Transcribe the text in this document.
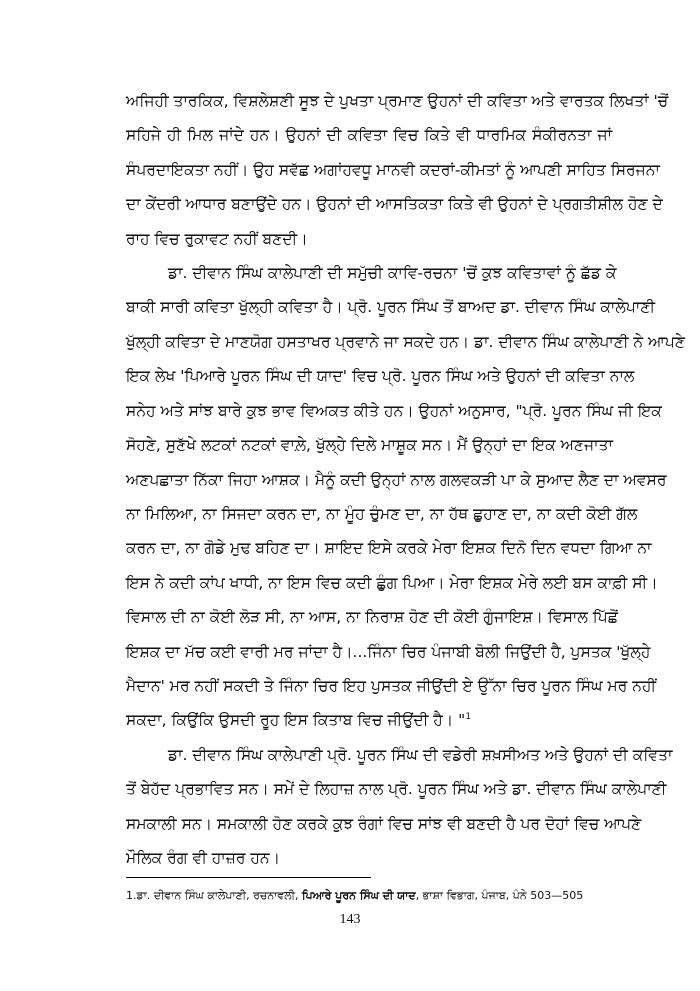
ਅਜਿਹੀ ਤਾਰਕਿਕ, ਵਿਸ਼ਲੇਸ਼ਣੀ ਸੂਝ ਦੇ ਪੁਖਤਾ ਪ੍ਰਮਾਣ ਉਹਨਾਂ ਦੀ ਕਵਿਤਾ ਅਤੇ ਵਾਰਤਕ ਲਿਖਤਾਂ 'ਚੋਂ
ਸਹਿਜੇ ਹੀ ਮਿਲ ਜਾਂਦੇ ਹਨ। ਉਹਨਾਂ ਦੀ ਕਵਿਤਾ ਵਿਚ ਕਿਤੇ ਵੀ ਧਾਰਮਿਕ ਸੰਕੀਰਨਤਾ ਜਾਂ
ਸੰਪਰਦਾਇਕਤਾ ਨਹੀਂ। ਉਹ ਸਵੱਛ ਅਗਾਂਹਵਧੂ ਮਾਨਵੀ ਕਦਰਾਂ-ਕੀਮਤਾਂ ਨੂੰ ਆਪਣੀ ਸਾਹਿਤ ਸਿਰਜਨਾ
ਦਾ ਕੇਂਦਰੀ ਆਧਾਰ ਬਣਾਉਂਦੇ ਹਨ। ਉਹਨਾਂ ਦੀ ਆਸਤਿਕਤਾ ਕਿਤੇ ਵੀ ਉਹਨਾਂ ਦੇ ਪ੍ਰਗਤੀਸ਼ੀਲ ਹੋਣ ਦੇ
ਰਾਹ ਵਿਚ ਰੁਕਾਵਟ ਨਹੀਂ ਬਣਦੀ।
ਡਾ. ਦੀਵਾਨ ਸਿੰਘ ਕਾਲੇਪਾਣੀ ਦੀ ਸਮੁੱਚੀ ਕਾਵਿ-ਰਚਨਾ 'ਚੋਂ ਕੁਝ ਕਵਿਤਾਵਾਂ ਨੂੰ ਛੱਡ ਕੇ
ਬਾਕੀ ਸਾਰੀ ਕਵਿਤਾ ਖੁੱਲ੍ਹੀ ਕਵਿਤਾ ਹੈ। ਪ੍ਰੋ. ਪੂਰਨ ਸਿੰਘ ਤੋਂ ਬਾਅਦ ਡਾ. ਦੀਵਾਨ ਸਿੰਘ ਕਾਲੇਪਾਣੀ
ਖੁੱਲ੍ਹੀ ਕਵਿਤਾ ਦੇ ਮਾਣਯੋਗ ਹਸਤਾਖਰ ਪ੍ਰਵਾਨੇ ਜਾ ਸਕਦੇ ਹਨ। ਡਾ. ਦੀਵਾਨ ਸਿੰਘ ਕਾਲੇਪਾਣੀ ਨੇ ਆਪਣੇ
ਇਕ ਲੇਖ 'ਪਿਆਰੇ ਪੂਰਨ ਸਿੰਘ ਦੀ ਯਾਦ' ਵਿਚ ਪ੍ਰੋ. ਪੂਰਨ ਸਿੰਘ ਅਤੇ ਉਹਨਾਂ ਦੀ ਕਵਿਤਾ ਨਾਲ
ਸਨੇਹ ਅਤੇ ਸਾਂਝ ਬਾਰੇ ਕੁਝ ਭਾਵ ਵਿਅਕਤ ਕੀਤੇ ਹਨ। ਉਹਨਾਂ ਅਨੁਸਾਰ, "ਪ੍ਰੋ. ਪੂਰਨ ਸਿੰਘ ਜੀ ਇਕ
ਸੋਹਣੇ, ਸੁਣੱਖੇ ਲਟਕਾਂ ਨਟਕਾਂ ਵਾਲ਼ੇ, ਖੁੱਲ੍ਹੇ ਦਿਲੇ ਮਾਸ਼ੂਕ ਸਨ। ਮੈਂ ਉਨ੍ਹਾਂ ਦਾ ਇਕ ਅਣਜਾਤਾ
ਅਣਪਛਾਤਾ ਨਿੱਕਾ ਜਿਹਾ ਆਸ਼ਕ। ਮੈਨੂੰ ਕਦੀ ਉਨ੍ਹਾਂ ਨਾਲ ਗਲਵਕੜੀ ਪਾ ਕੇ ਸੁਆਦ ਲੈਣ ਦਾ ਅਵਸਰ
ਨਾ ਮਿਲਿਆ, ਨਾ ਸਿਜਦਾ ਕਰਨ ਦਾ, ਨਾ ਮੂੰਹ ਚੁੰਮਣ ਦਾ, ਨਾ ਹੱਥ ਛੁਹਾਣ ਦਾ, ਨਾ ਕਦੀ ਕੋਈ ਗੱਲ
ਕਰਨ ਦਾ, ਨਾ ਗੋਡੇ ਮੁਢ ਬਹਿਣ ਦਾ। ਸ਼ਾਇਦ ਇਸੇ ਕਰਕੇ ਮੇਰਾ ਇਸ਼ਕ ਦਿਨੋ ਦਿਨ ਵਧਦਾ ਗਿਆ ਨਾ
ਇਸ ਨੇ ਕਦੀ ਕਾਂਪ ਖਾਧੀ, ਨਾ ਇਸ ਵਿਚ ਕਦੀ ਛੁੰਗ ਪਿਆ। ਮੇਰਾ ਇਸ਼ਕ ਮੇਰੇ ਲਈ ਬਸ ਕਾਫ਼ੀ ਸੀ।
ਵਿਸਾਲ ਦੀ ਨਾ ਕੋਈ ਲੋੜ ਸੀ, ਨਾ ਆਸ, ਨਾ ਨਿਰਾਸ਼ ਹੋਣ ਦੀ ਕੋਈ ਗੁੰਜਾਇਸ਼। ਵਿਸਾਲ ਪਿੱਛੋਂ
ਇਸ਼ਕ ਦਾ ਮੱਚ ਕਈ ਵਾਰੀ ਮਰ ਜਾਂਦਾ ਹੈ।...ਜਿੰਨਾ ਚਿਰ ਪੰਜਾਬੀ ਬੋਲੀ ਜਿਉਂਦੀ ਹੈ, ਪੁਸਤਕ 'ਖੁੱਲ੍ਹੇ
ਮੈਦਾਨ' ਮਰ ਨਹੀਂ ਸਕਦੀ ਤੇ ਜਿੰਨਾ ਚਿਰ ਇਹ ਪੁਸਤਕ ਜੀਉਂਦੀ ਏ ਉੱਨਾ ਚਿਰ ਪੂਰਨ ਸਿੰਘ ਮਰ ਨਹੀਂ
ਸਕਦਾ, ਕਿਉਂਕਿ ਉਸਦੀ ਰੂਹ ਇਸ ਕਿਤਾਬ ਵਿਚ ਜੀਉਂਦੀ ਹੈ। "$^1$
ਡਾ. ਦੀਵਾਨ ਸਿੰਘ ਕਾਲੇਪਾਣੀ ਪ੍ਰੋ. ਪੂਰਨ ਸਿੰਘ ਦੀ ਵਡੇਰੀ ਸ਼ਖ਼ਸੀਅਤ ਅਤੇ ਉਹਨਾਂ ਦੀ ਕਵਿਤਾ
ਤੋਂ ਬੇਹੱਦ ਪ੍ਰਭਾਵਿਤ ਸਨ। ਸਮੇਂ ਦੇ ਲਿਹਾਜ਼ ਨਾਲ ਪ੍ਰੋ. ਪੂਰਨ ਸਿੰਘ ਅਤੇ ਡਾ. ਦੀਵਾਨ ਸਿੰਘ ਕਾਲੇਪਾਣੀ
ਸਮਕਾਲੀ ਸਨ। ਸਮਕਾਲੀ ਹੋਣ ਕਰਕੇ ਕੁਝ ਰੰਗਾਂ ਵਿਚ ਸਾਂਝ ਵੀ ਬਣਦੀ ਹੈ ਪਰ ਦੋਹਾਂ ਵਿਚ ਆਪਣੇ
1.ਡਾ. ਦੀਵਾਨ ਸਿੰਘ ਕਾਲੇਪਾਣੀ, ਰਚਨਾਵਲੀ, ਪਿਆਰੇ ਪੂਰਨ ਸਿੰਘ ਦੀ ਯਾਦ, ਭਾਸ਼ਾ ਵਿਭਾਗ, ਪੰਜਾਬ, ਪੰਨੇ 503—505
143
ਮੌਲਿਕ ਰੰਗ ਵੀ ਹਾਜ਼ਰ ਹਨ।
